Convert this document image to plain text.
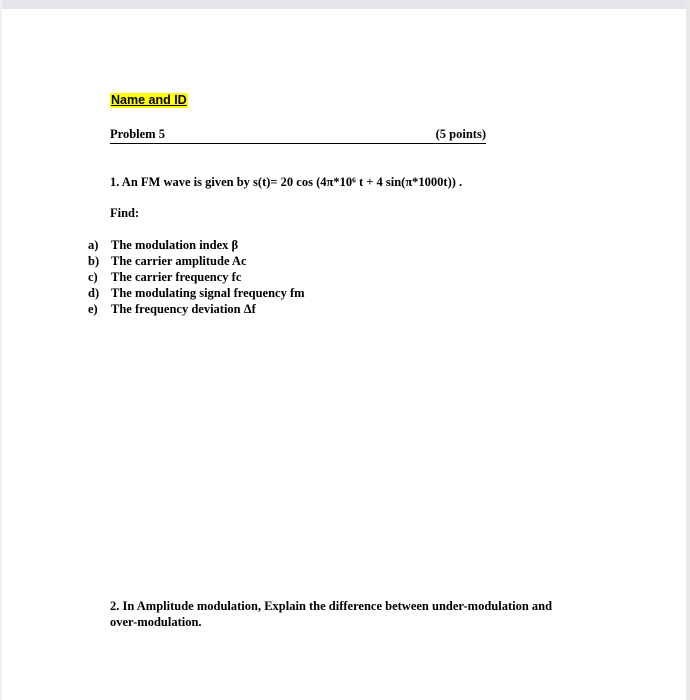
Name and ID
Problem 5	(5 points)
1. An FM wave is given by s(t)= 20 cos (4π*10⁶ t + 4 sin(π*1000t)) .
Find:
a) The modulation index β
b) The carrier amplitude Ac
c) The carrier frequency fc
d) The modulating signal frequency fm
e) The frequency deviation Δf
2. In Amplitude modulation, Explain the difference between under-modulation and
over-modulation.
